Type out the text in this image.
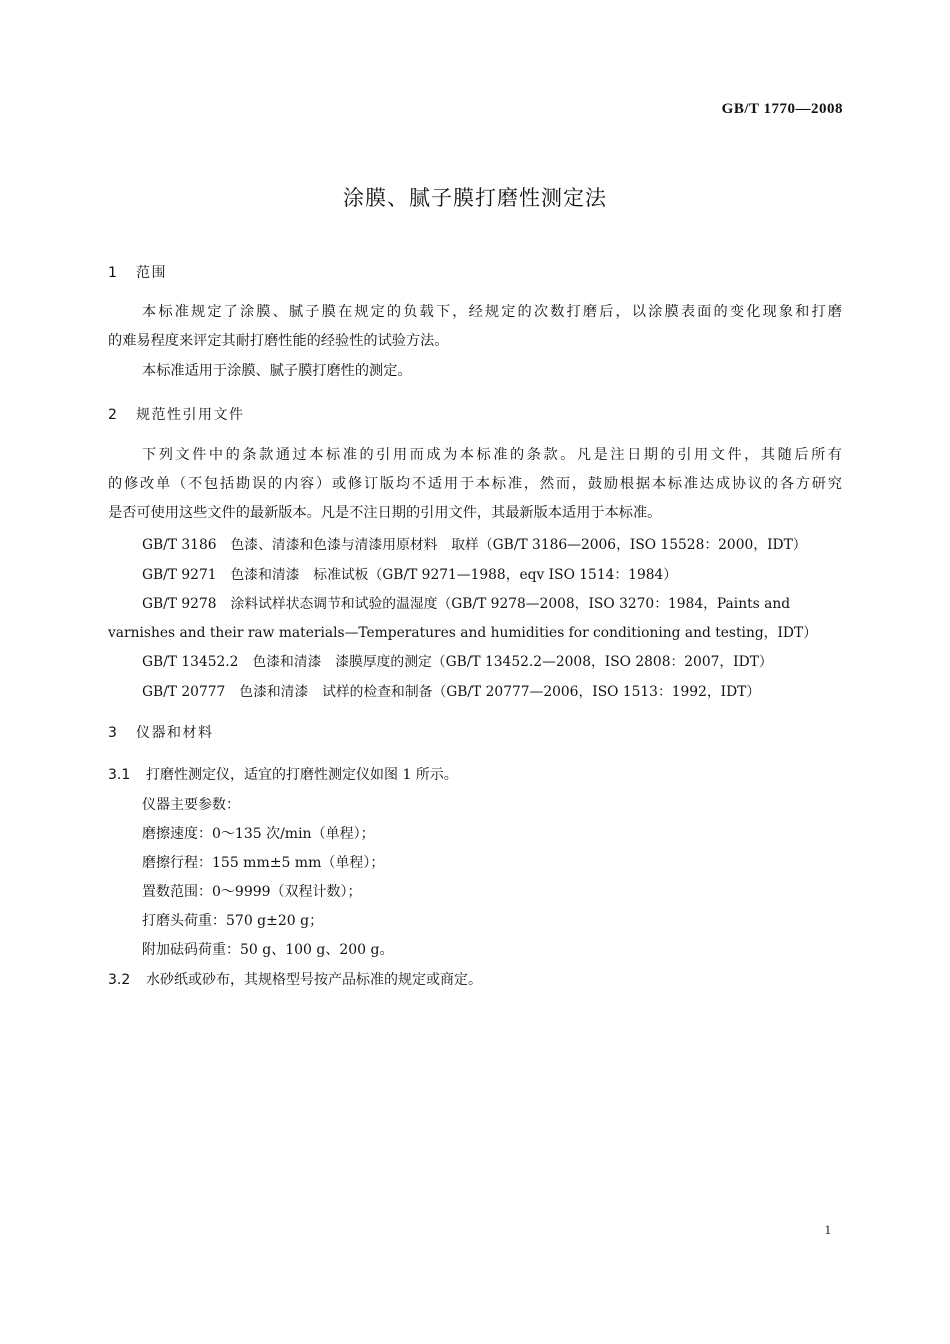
GB/T 1770—2008
涂膜、腻子膜打磨性测定法
1 范围
本标准规定了涂膜、腻子膜在规定的负载下，经规定的次数打磨后，以涂膜表面的变化现象和打磨
的难易程度来评定其耐打磨性能的经验性的试验方法。
本标准适用于涂膜、腻子膜打磨性的测定。
2 规范性引用文件
下列文件中的条款通过本标准的引用而成为本标准的条款。凡是注日期的引用文件，其随后所有
的修改单（不包括勘误的内容）或修订版均不适用于本标准，然而，鼓励根据本标准达成协议的各方研究
是否可使用这些文件的最新版本。凡是不注日期的引用文件，其最新版本适用于本标准。
GB/T 3186 色漆、清漆和色漆与清漆用原材料　取样（GB/T 3186—2006，ISO 15528：2000，IDT）
GB/T 9271 色漆和清漆　标准试板（GB/T 9271—1988，eqv ISO 1514：1984）
GB/T 9278 涂料试样状态调节和试验的温湿度（GB/T 9278—2008，ISO 3270：1984，Paints and
varnishes and their raw materials—Temperatures and humidities for conditioning and testing，IDT）
GB/T 13452.2 色漆和清漆　漆膜厚度的测定（GB/T 13452.2—2008，ISO 2808：2007，IDT）
GB/T 20777 色漆和清漆　试样的检查和制备（GB/T 20777—2006，ISO 1513：1992，IDT）
3 仪器和材料
3.1 打磨性测定仪，适宜的打磨性测定仪如图 1 所示。
仪器主要参数：
磨擦速度：0～135 次/min（单程）；
磨擦行程：155 mm±5 mm（单程）；
置数范围：0～9999（双程计数）；
打磨头荷重：570 g±20 g；
附加砝码荷重：50 g、100 g、200 g。
3.2 水砂纸或砂布，其规格型号按产品标准的规定或商定。
1
